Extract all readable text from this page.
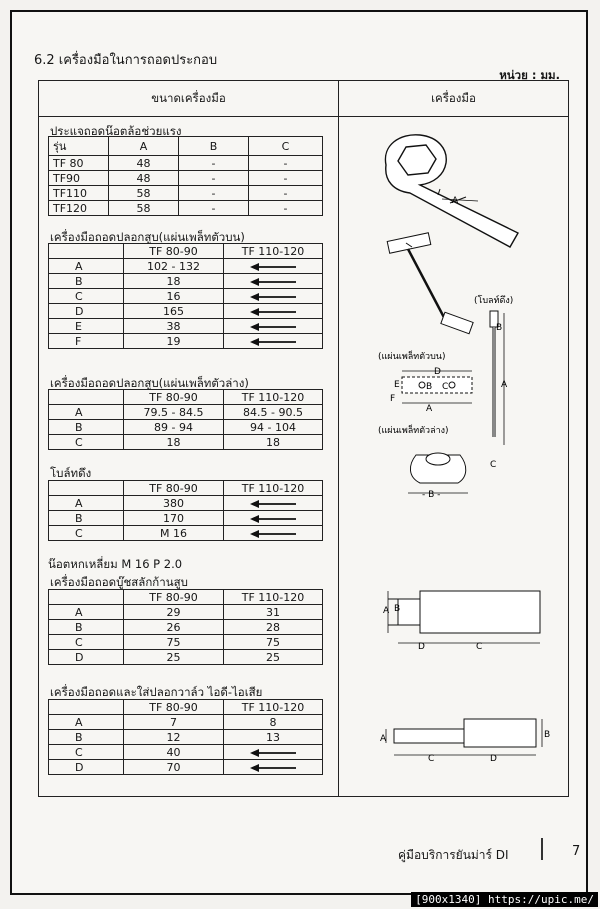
6.2 เครื่องมือในการถอดประกอบ
หน่วย : มม.
ขนาดเครื่องมือ	เครื่องมือ
ประแจถอดน๊อตล้อช่วยแรง
รุ่น	A	B	C
TF 80	48	-	-
TF90	48	-	-
TF110	58	-	-
TF120	58	-	-
เครื่องมือถอดปลอกสูบ(แผ่นเพล็ทตัวบน)
	TF 80-90	TF 110-120
A	102 - 132	
B	18	
C	16	
D	165	
E	38	
F	19	
เครื่องมือถอดปลอกสูบ(แผ่นเพล็ทตัวล่าง)
	TF 80-90	TF 110-120
A	79.5 - 84.5	84.5 - 90.5
B	89 - 94	94 - 104
C	18	18
โบล์ทดึง
	TF 80-90	TF 110-120
A	380	
B	170	
C	M 16	
น๊อตหกเหลี่ยม M 16 P 2.0
เครื่องมือถอดบู๊ชสลักก้านสูบ
	TF 80-90	TF 110-120
A	29	31
B	26	28
C	75	75
D	25	25
เครื่องมือถอดและใส่ปลอกวาล์ว ไอดี-ไอเสีย
	TF 80-90	TF 110-120
A	7	8
B	12	13
C	40	
D	70	
A
(โบลท์ดึง)
B
A
C
(แผ่นเพล็ทตัวบน)
D
E
F
B C
A
(แผ่นเพล็ทตัวล่าง)
- B -
B
A
D	C
A	B
C	D
คู่มือบริการยันม่าร์ DI	7
[900x1340] https://upic.me/
